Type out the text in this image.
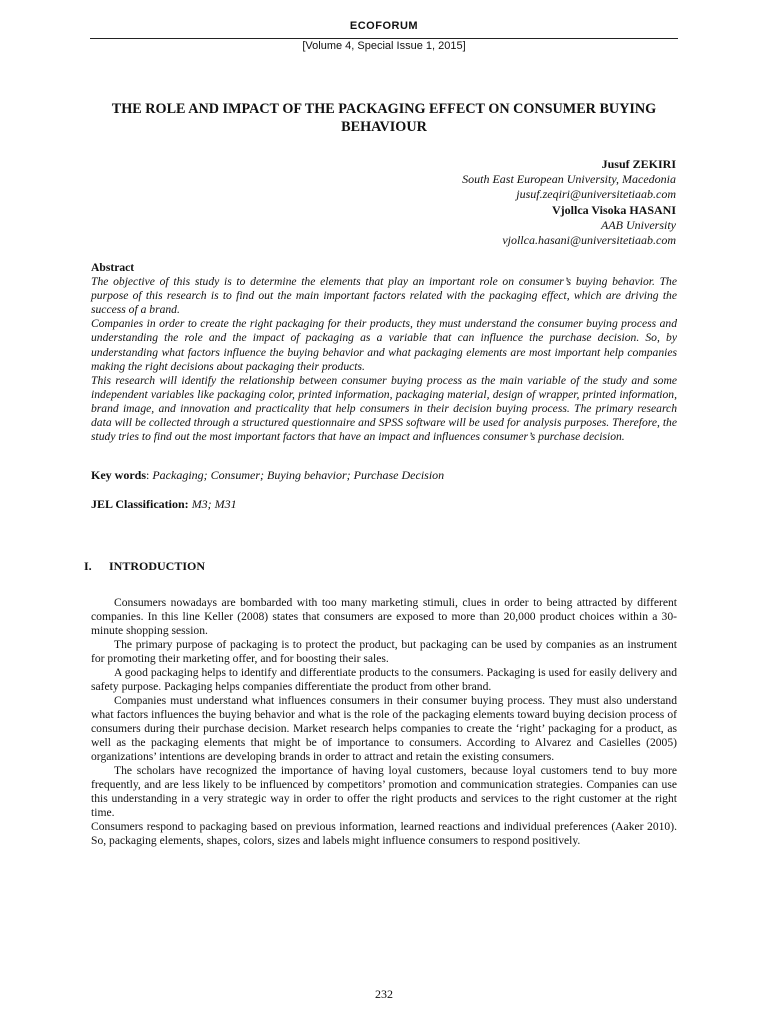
ECOFORUM
[Volume 4, Special Issue 1, 2015]
THE ROLE AND IMPACT OF THE PACKAGING EFFECT ON CONSUMER BUYING
BEHAVIOUR
Jusuf ZEKIRI
South East European University, Macedonia
jusuf.zeqiri@universitetiaab.com
Vjollca Visoka HASANI
AAB University
vjollca.hasani@universitetiaab.com
Abstract

The objective of this study is to determine the elements that play an important role on consumer’s buying behavior. The purpose of this research is to find out the main important factors related with the packaging effect, which are driving the success of a brand.

Companies in order to create the right packaging for their products, they must understand the consumer buying process and understanding the role and the impact of packaging as a variable that can influence the purchase decision. So, by understanding what factors influence the buying behavior and what packaging elements are most important help companies making the right decisions about packaging their products.

This research will identify the relationship between consumer buying process as the main variable of the study and some independent variables like packaging color, printed information, packaging material, design of wrapper, printed information, brand image, and innovation and practicality that help consumers in their decision buying process. The primary research data will be collected through a structured questionnaire and SPSS software will be used for analysis purposes. Therefore, the study tries to find out the most important factors that have an impact and influences consumer’s purchase decision.

Key words: Packaging; Consumer; Buying behavior; Purchase Decision
JEL Classification: M3; M31
I. INTRODUCTION

Consumers nowadays are bombarded with too many marketing stimuli, clues in order to being attracted by different companies. In this line Keller (2008) states that consumers are exposed to more than 20,000 product choices within a 30-minute shopping session.

The primary purpose of packaging is to protect the product, but packaging can be used by companies as an instrument for promoting their marketing offer, and for boosting their sales.

A good packaging helps to identify and differentiate products to the consumers. Packaging is used for easily delivery and safety purpose. Packaging helps companies differentiate the product from other brand.

Companies must understand what influences consumers in their consumer buying process. They must also understand what factors influences the buying behavior and what is the role of the packaging elements toward buying decision process of consumers during their purchase decision. Market research helps companies to create the ‘right’ packaging for a product, as well as the packaging elements that might be of importance to consumers. According to Alvarez and Casielles (2005) organizations’ intentions are developing brands in order to attract and retain the existing consumers.

The scholars have recognized the importance of having loyal customers, because loyal customers tend to buy more frequently, and are less likely to be influenced by competitors’ promotion and communication strategies. Companies can use this understanding in a very strategic way in order to offer the right products and services to the right customer at the right time.

Consumers respond to packaging based on previous information, learned reactions and individual preferences (Aaker 2010). So, packaging elements, shapes, colors, sizes and labels might influence consumers to respond positively.

232
